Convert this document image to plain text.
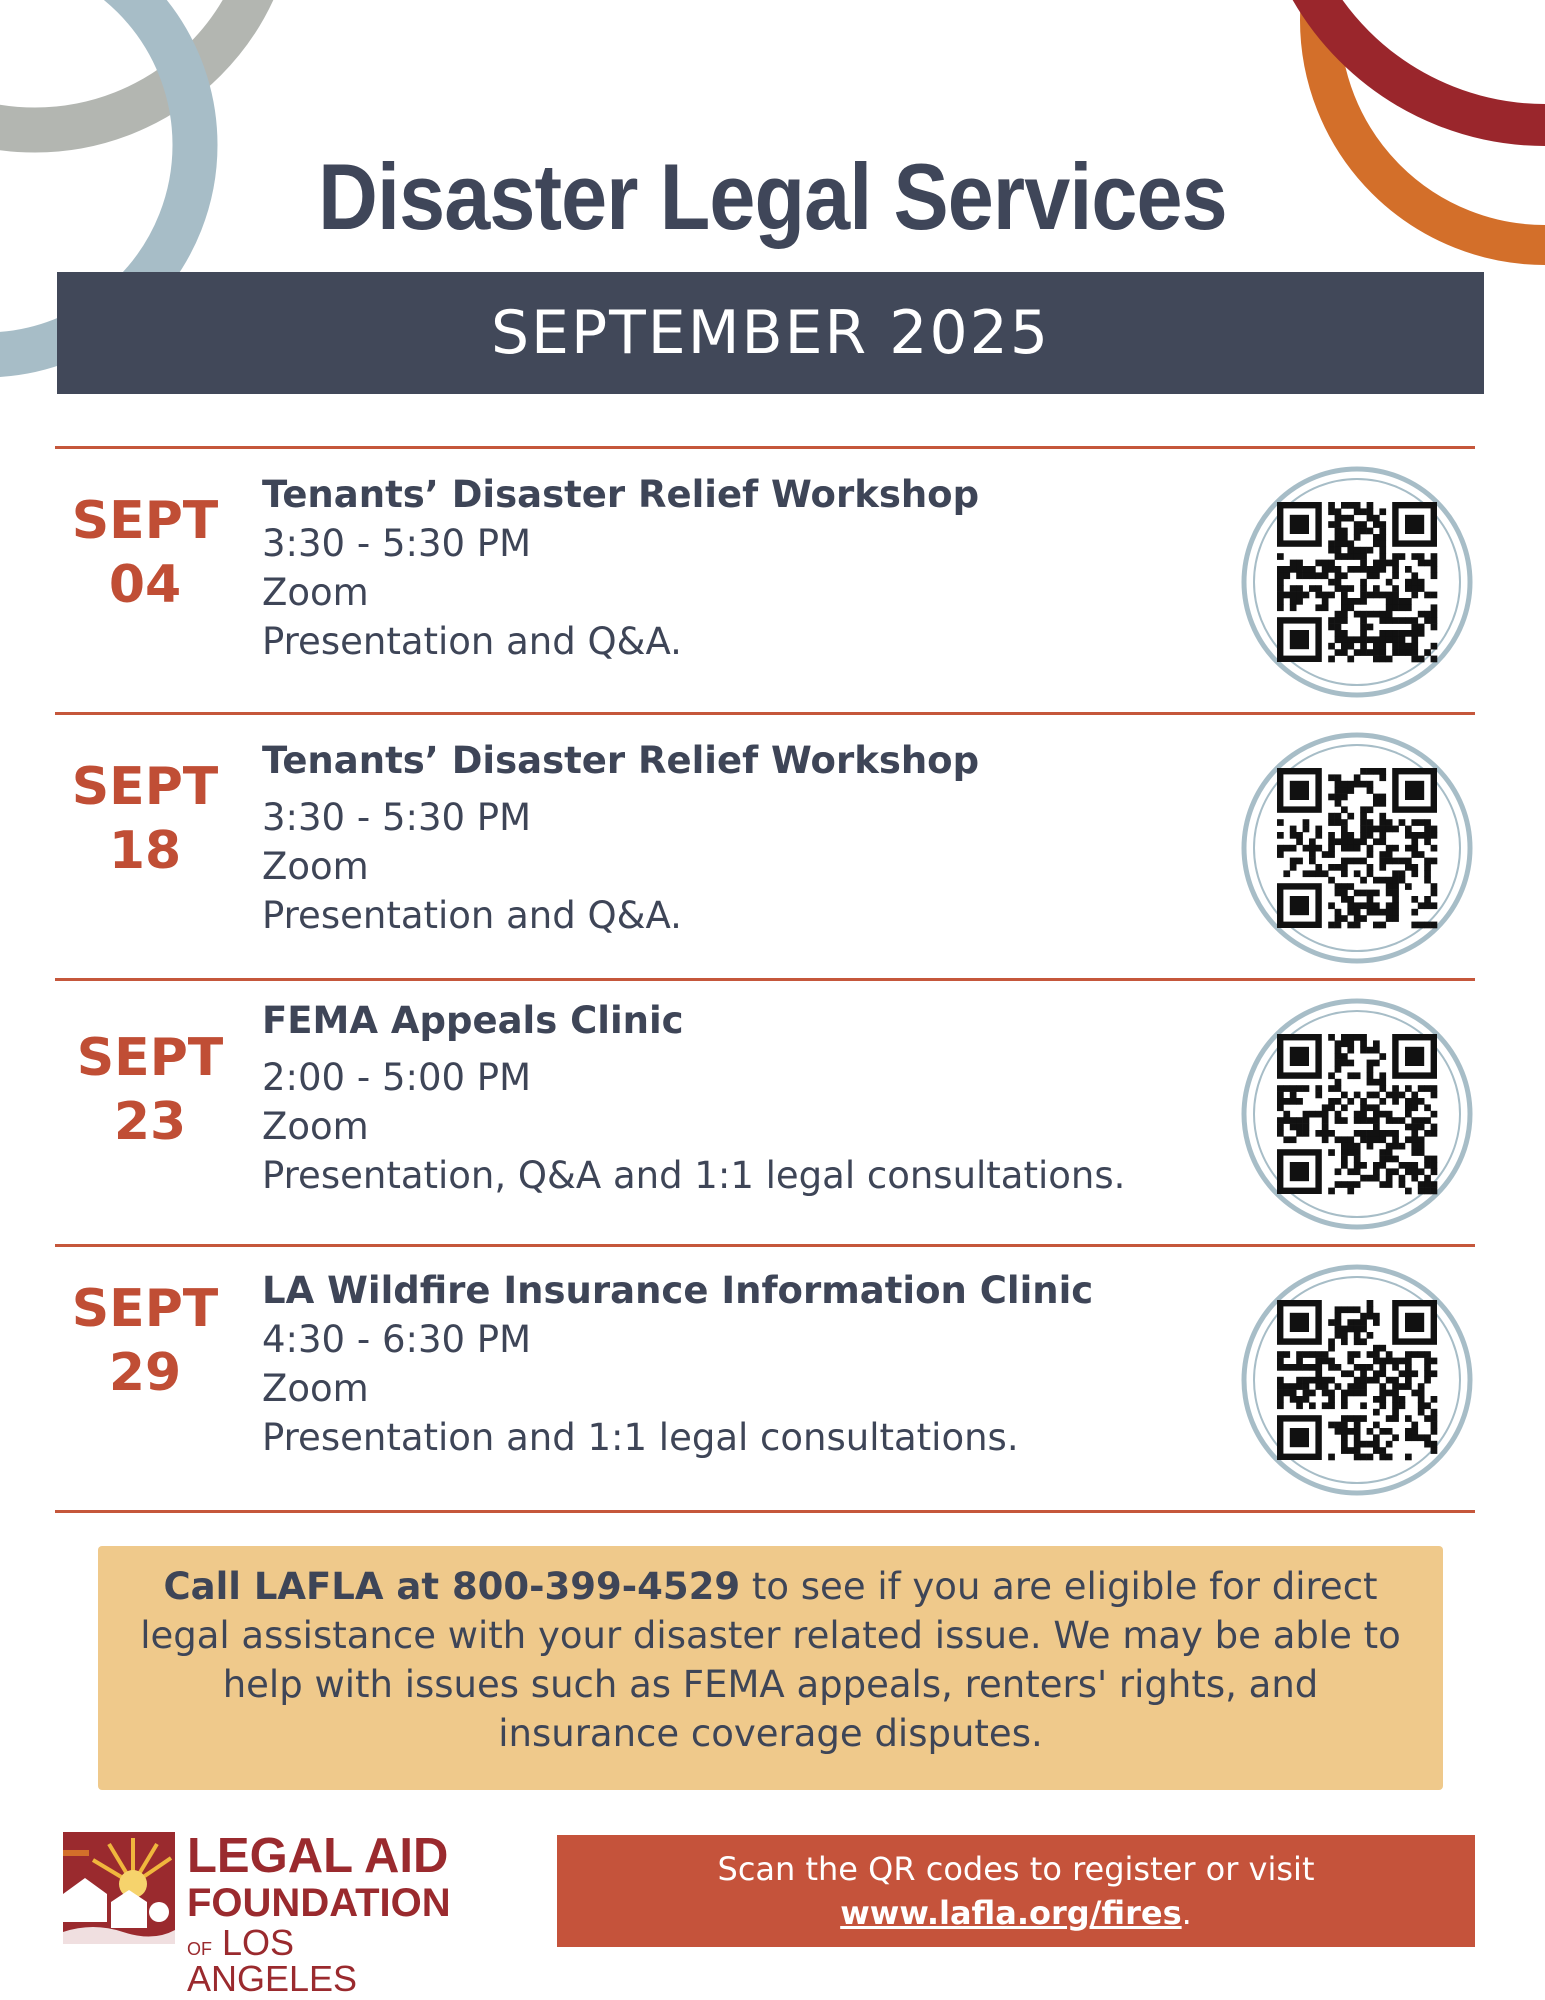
Disaster Legal Services
SEPTEMBER 2025
SEPT
04
Tenants’ Disaster Relief Workshop
3:30 - 5:30 PM
Zoom
Presentation and Q&A.
SEPT
18
Tenants’ Disaster Relief Workshop
3:30 - 5:30 PM
Zoom
Presentation and Q&A.
SEPT
23
FEMA Appeals Clinic
2:00 - 5:00 PM
Zoom
Presentation, Q&A and 1:1 legal consultations.
SEPT
29
LA Wildfire Insurance Information Clinic
4:30 - 6:30 PM
Zoom
Presentation and 1:1 legal consultations.
Call LAFLA at 800-399-4529 to see if you are eligible for direct legal assistance with your disaster related issue. We may be able to help with issues such as FEMA appeals, renters' rights, and insurance coverage disputes.
LEGAL AID
FOUNDATION
OF LOS ANGELES
Scan the QR codes to register or visit
www.lafla.org/fires.
